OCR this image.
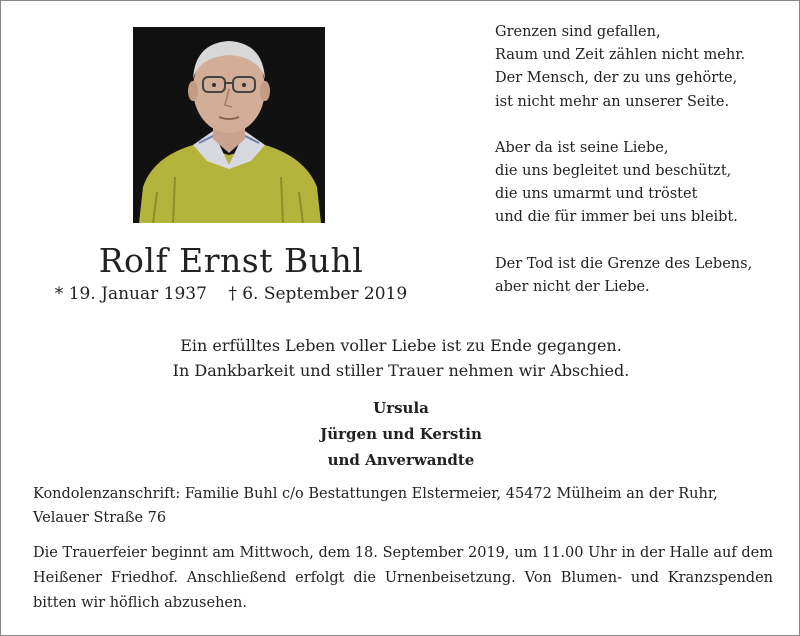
Rolf Ernst Buhl
* 19. Januar 1937 † 6. September 2019
Grenzen sind gefallen,
Raum und Zeit zählen nicht mehr.
Der Mensch, der zu uns gehörte,
ist nicht mehr an unserer Seite.
Aber da ist seine Liebe,
die uns begleitet und beschützt,
die uns umarmt und tröstet
und die für immer bei uns bleibt.
Der Tod ist die Grenze des Lebens,
aber nicht der Liebe.
Ein erfülltes Leben voller Liebe ist zu Ende gegangen.
In Dankbarkeit und stiller Trauer nehmen wir Abschied.
Ursula
Jürgen und Kerstin
und Anverwandte
Kondolenzanschrift: Familie Buhl c/o Bestattungen Elstermeier, 45472 Mülheim an der Ruhr,
Velauer Straße 76
Die Trauerfeier beginnt am Mittwoch, dem 18. September 2019, um 11.00 Uhr in der Halle auf dem Heißener Friedhof. Anschließend erfolgt die Urnenbeisetzung. Von Blumen- und Kranzspenden bitten wir höflich abzusehen.
